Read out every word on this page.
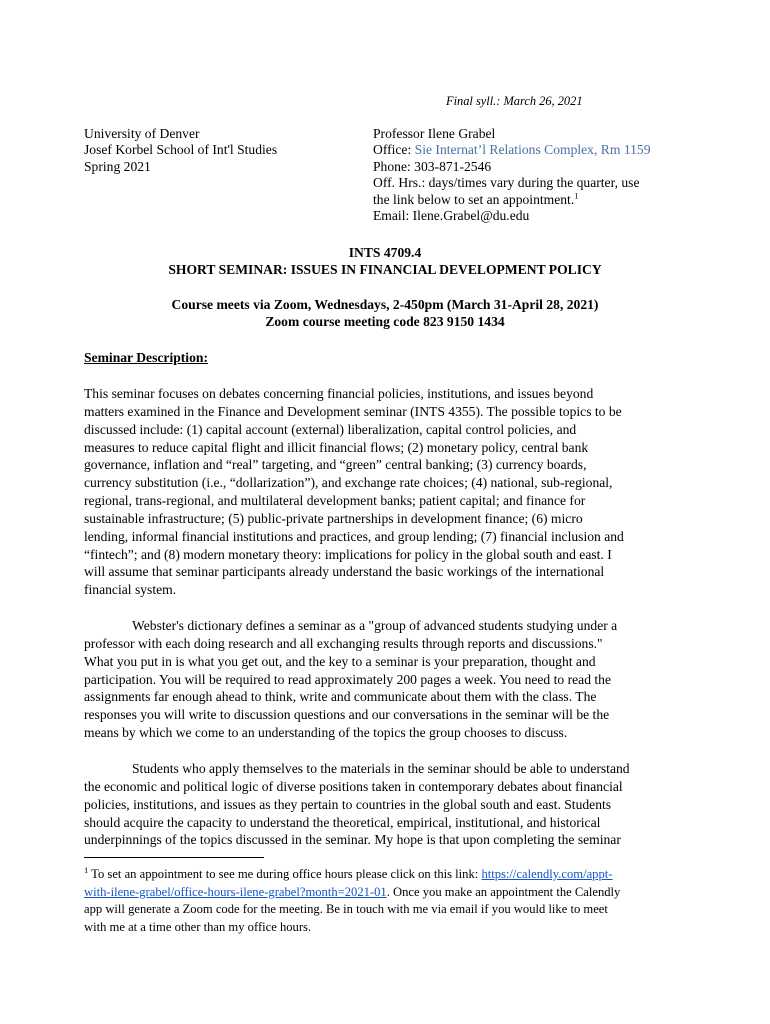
Final syll.: March 26, 2021
University of Denver
Josef Korbel School of Int'l Studies
Spring 2021
Professor Ilene Grabel
Office: Sie Internat’l Relations Complex, Rm 1159
Phone: 303-871-2546
Off. Hrs.: days/times vary during the quarter, use
the link below to set an appointment.$^1$
Email: Ilene.Grabel@du.edu
INTS 4709.4
SHORT SEMINAR: ISSUES IN FINANCIAL DEVELOPMENT POLICY
Course meets via Zoom, Wednesdays, 2-450pm (March 31-April 28, 2021)
Zoom course meeting code 823 9150 1434
Seminar Description:
This seminar focuses on debates concerning financial policies, institutions, and issues beyond
matters examined in the Finance and Development seminar (INTS 4355). The possible topics to be
discussed include: (1) capital account (external) liberalization, capital control policies, and
measures to reduce capital flight and illicit financial flows; (2) monetary policy, central bank
governance, inflation and “real” targeting, and “green” central banking; (3) currency boards,
currency substitution (i.e., “dollarization”), and exchange rate choices; (4) national, sub-regional,
regional, trans-regional, and multilateral development banks; patient capital; and finance for
sustainable infrastructure; (5) public-private partnerships in development finance; (6) micro
lending, informal financial institutions and practices, and group lending; (7) financial inclusion and
“fintech”; and (8) modern monetary theory: implications for policy in the global south and east. I
will assume that seminar participants already understand the basic workings of the international
financial system.
Webster's dictionary defines a seminar as a "group of advanced students studying under a
professor with each doing research and all exchanging results through reports and discussions."
What you put in is what you get out, and the key to a seminar is your preparation, thought and
participation. You will be required to read approximately 200 pages a week. You need to read the
assignments far enough ahead to think, write and communicate about them with the class. The
responses you will write to discussion questions and our conversations in the seminar will be the
means by which we come to an understanding of the topics the group chooses to discuss.
Students who apply themselves to the materials in the seminar should be able to understand
the economic and political logic of diverse positions taken in contemporary debates about financial
policies, institutions, and issues as they pertain to countries in the global south and east. Students
should acquire the capacity to understand the theoretical, empirical, institutional, and historical
underpinnings of the topics discussed in the seminar. My hope is that upon completing the seminar
$^1$ To set an appointment to see me during office hours please click on this link: https://calendly.com/appt-
with-ilene-grabel/office-hours-ilene-grabel?month=2021-01. Once you make an appointment the Calendly
app will generate a Zoom code for the meeting. Be in touch with me via email if you would like to meet
with me at a time other than my office hours.
